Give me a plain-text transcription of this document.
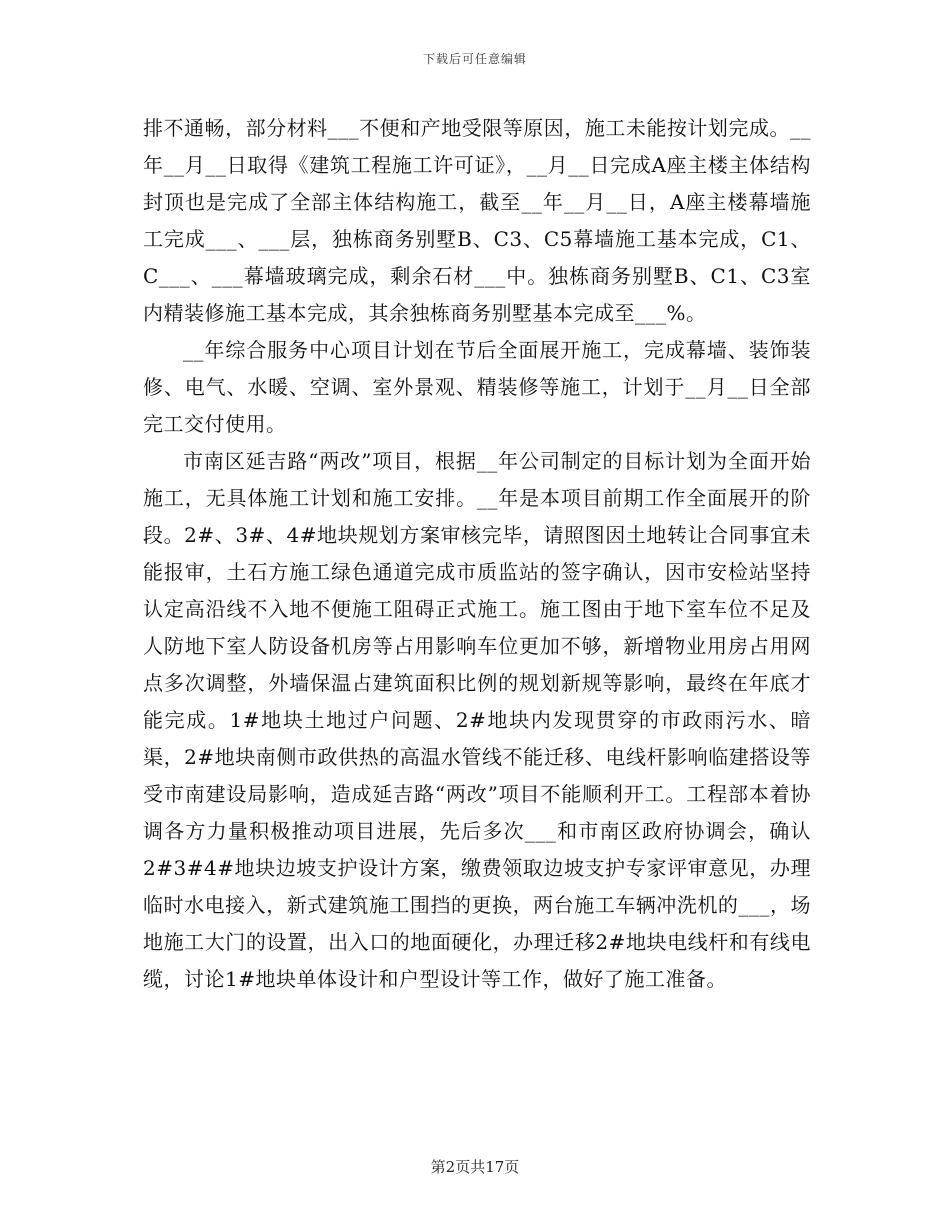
下载后可任意编辑

排不通畅，部分材料___不便和产地受限等原因，施工未能按计划完成。__年__月__日取得《建筑工程施工许可证》，__月__日完成A座主楼主体结构封顶也是完成了全部主体结构施工，截至__年__月__日，A座主楼幕墙施工完成___、___层，独栋商务别墅B、C3、C5幕墙施工基本完成，C1、C___、___幕墙玻璃完成，剩余石材___中。独栋商务别墅B、C1、C3室内精装修施工基本完成，其余独栋商务别墅基本完成至___%。

__年综合服务中心项目计划在节后全面展开施工，完成幕墙、装饰装修、电气、水暖、空调、室外景观、精装修等施工，计划于__月__日全部完工交付使用。

市南区延吉路“两改”项目，根据__年公司制定的目标计划为全面开始施工，无具体施工计划和施工安排。__年是本项目前期工作全面展开的阶段。2#、3#、4#地块规划方案审核完毕，请照图因土地转让合同事宜未能报审，土石方施工绿色通道完成市质监站的签字确认，因市安检站坚持认定高沿线不入地不便施工阻碍正式施工。施工图由于地下室车位不足及人防地下室人防设备机房等占用影响车位更加不够，新增物业用房占用网点多次调整，外墙保温占建筑面积比例的规划新规等影响，最终在年底才能完成。1#地块土地过户问题、2#地块内发现贯穿的市政雨污水、暗渠，2#地块南侧市政供热的高温水管线不能迁移、电线杆影响临建搭设等受市南建设局影响，造成延吉路“两改”项目不能顺利开工。工程部本着协调各方力量积极推动项目进展，先后多次___和市南区政府协调会，确认2#3#4#地块边坡支护设计方案，缴费领取边坡支护专家评审意见，办理临时水电接入，新式建筑施工围挡的更换，两台施工车辆冲洗机的___，场地施工大门的设置，出入口的地面硬化，办理迁移2#地块电线杆和有线电缆，讨论1#地块单体设计和户型设计等工作，做好了施工准备。

第2页共17页
